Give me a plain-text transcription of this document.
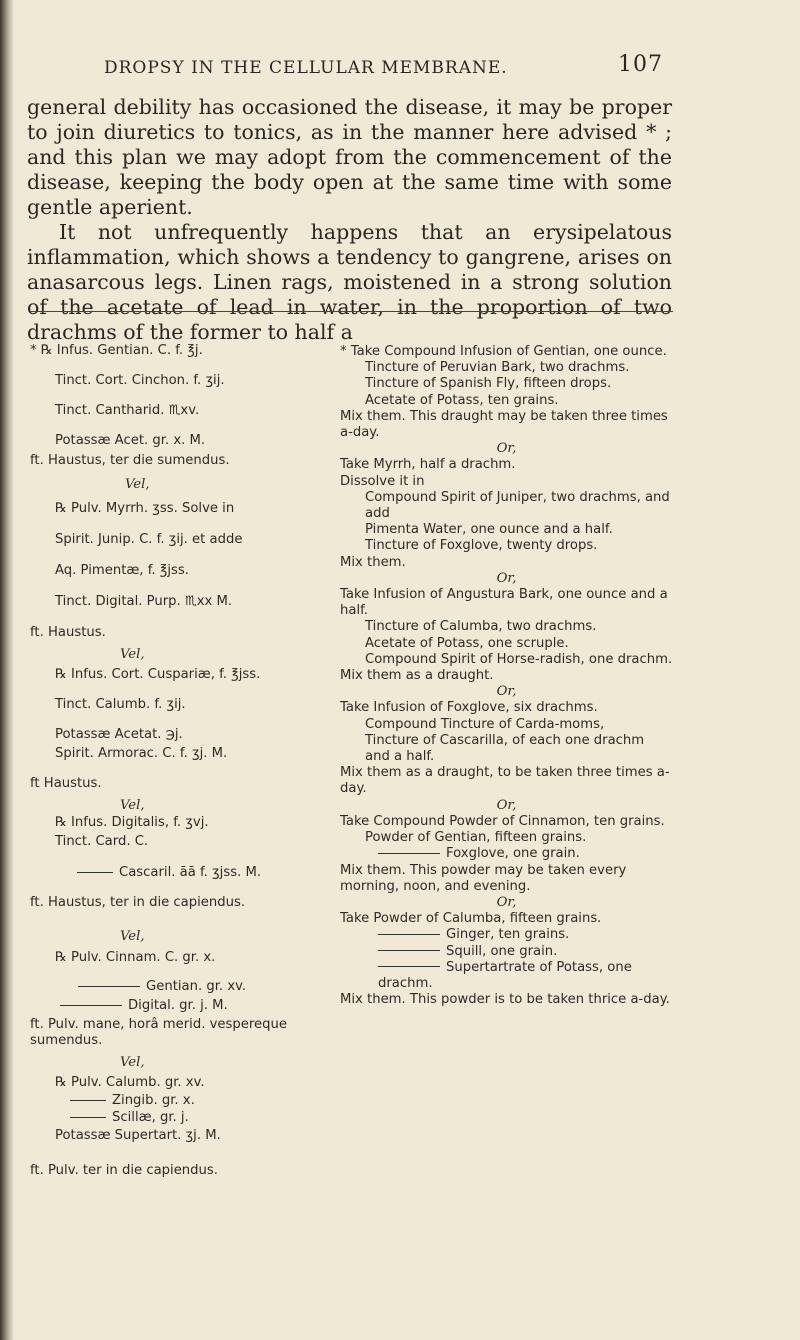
DROPSY IN THE CELLULAR MEMBRANE.	107

general debility has occasioned the disease, it may be proper to join diuretics to tonics, as in the manner here advised * ; and this plan we may adopt from the commencement of the disease, keeping the body open at the same time with some gentle aperient.

It not unfrequently happens that an erysipelatous inflammation, which shows a tendency to gangrene, arises on anasarcous legs. Linen rags, moistened in a strong solution of the acetate of lead in water, in the proportion of two drachms of the former to half a

* ℞ Infus. Gentian. C. f. ℥j.
Tinct. Cort. Cinchon. f. ʒij.
Tinct. Cantharid. ♏xv.
Potassæ Acet. gr. x. M.
ft. Haustus, ter die sumendus.
Vel,
℞ Pulv. Myrrh. ʒss. Solve in
Spirit. Junip. C. f. ʒij. et adde
Aq. Pimentæ, f. ℥jss.
Tinct. Digital. Purp. ♏xx M.
ft. Haustus.
Vel,
℞ Infus. Cort. Cuspariæ, f. ℥jss.
Tinct. Calumb. f. ʒij.
Potassæ Acetat. ℈j.
Spirit. Armorac. C. f. ʒj. M.
ft Haustus.
Vel,
℞ Infus. Digitalis, f. ʒvj.
Tinct. Card. C.
Cascaril. āā f. ʒjss. M.
ft. Haustus, ter in die capiendus.
Vel,
℞ Pulv. Cinnam. C. gr. x.
Gentian. gr. xv.
Digital. gr. j. M.
ft. Pulv. mane, horâ merid. vespereque
sumendus.
Vel,
℞ Pulv. Calumb. gr. xv.
Zingib. gr. x.
Scillæ, gr. j.
Potassæ Supertart. ʒj. M.
ft. Pulv. ter in die capiendus.
* Take Compound Infusion of Gentian, one ounce.
Tincture of Peruvian Bark, two drachms.
Tincture of Spanish Fly, fifteen drops.
Acetate of Potass, ten grains.
Mix them. This draught may be taken three times a-day.
Or,
Take Myrrh, half a drachm.
Dissolve it in
Compound Spirit of Juniper, two drachms, and add
Pimenta Water, one ounce and a half.
Tincture of Foxglove, twenty drops.
Mix them.
Or,
Take Infusion of Angustura Bark, one ounce and a half.
Tincture of Calumba, two drachms.
Acetate of Potass, one scruple.
Compound Spirit of Horse-radish, one drachm.
Mix them as a draught.
Or,
Take Infusion of Foxglove, six drachms.
Compound Tincture of Carda-moms,
Tincture of Cascarilla, of each one drachm and a half.
Mix them as a draught, to be taken three times a-day.
Or,
Take Compound Powder of Cinnamon, ten grains.
Powder of Gentian, fifteen grains.
Foxglove, one grain.
Mix them. This powder may be taken every morning, noon, and evening.
Or,
Take Powder of Calumba, fifteen grains.
Ginger, ten grains.
Squill, one grain.
Supertartrate of Potass, one drachm.
Mix them. This powder is to be taken thrice a-day.
